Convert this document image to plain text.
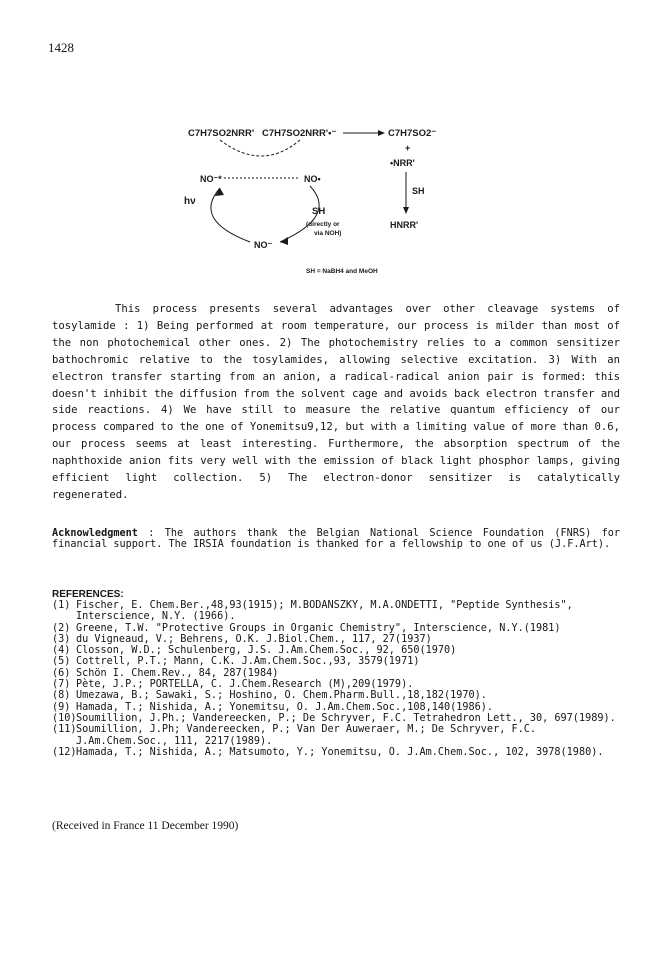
1428
C7H7SO2NRR' C7H7SO2NRR'•⁻	C7H7SO2⁻
+
•NRR'
SH
HNRR'
NO⁻*	NO•
hν
SH
(directly or
via NOH)
NO⁻
SH = NaBH4 and MeOH

This process presents several advantages over other cleavage systems of tosylamide : 1) Being performed at room temperature, our process is milder than most of the non photochemical other ones. 2) The photochemistry relies to a common sensitizer bathochromic relative to the tosylamides, allowing selective excitation. 3) With an electron transfer starting from an anion, a radical-radical anion pair is formed: this doesn't inhibit the diffusion from the solvent cage and avoids back electron transfer and side reactions. 4) We have still to measure the relative quantum efficiency of our process compared to the one of Yonemitsu9,12, but with a limiting value of more than 0.6, our process seems at least interesting. Furthermore, the absorption spectrum of the naphthoxide anion fits very well with the emission of black light phosphor lamps, giving efficient light collection. 5) The electron-donor sensitizer is catalytically regenerated.

Acknowledgment : The authors thank the Belgian National Science Foundation (FNRS) for financial support. The IRSIA foundation is thanked for a fellowship to one of us (J.F.Art).

REFERENCES:
(1) Fischer, E. Chem.Ber.,48,93(1915); M.BODANSZKY, M.A.ONDETTI, "Peptide Synthesis", Interscience, N.Y. (1966).
(2) Greene, T.W. "Protective Groups in Organic Chemistry", Interscience, N.Y.(1981)
(3) du Vigneaud, V.; Behrens, O.K. J.Biol.Chem., 117, 27(1937)
(4) Closson, W.D.; Schulenberg, J.S. J.Am.Chem.Soc., 92, 650(1970)
(5) Cottrell, P.T.; Mann, C.K. J.Am.Chem.Soc.,93, 3579(1971)
(6) Schön I. Chem.Rev., 84, 287(1984)
(7) Pète, J.P.; PORTELLA, C. J.Chem.Research (M),209(1979).
(8) Umezawa, B.; Sawaki, S.; Hoshino, O. Chem.Pharm.Bull.,18,182(1970).
(9) Hamada, T.; Nishida, A.; Yonemitsu, O. J.Am.Chem.Soc.,108,140(1986).
(10) Soumillion, J.Ph.; Vandereecken, P.; De Schryver, F.C. Tetrahedron Lett., 30, 697(1989).
(11) Soumillion, J.Ph; Vandereecken, P.; Van Der Auweraer, M.; De Schryver, F.C. J.Am.Chem.Soc., 111, 2217(1989).
(12) Hamada, T.; Nishida, A.; Matsumoto, Y.; Yonemitsu, O. J.Am.Chem.Soc., 102, 3978(1980).
(Received in France 11 December 1990)
